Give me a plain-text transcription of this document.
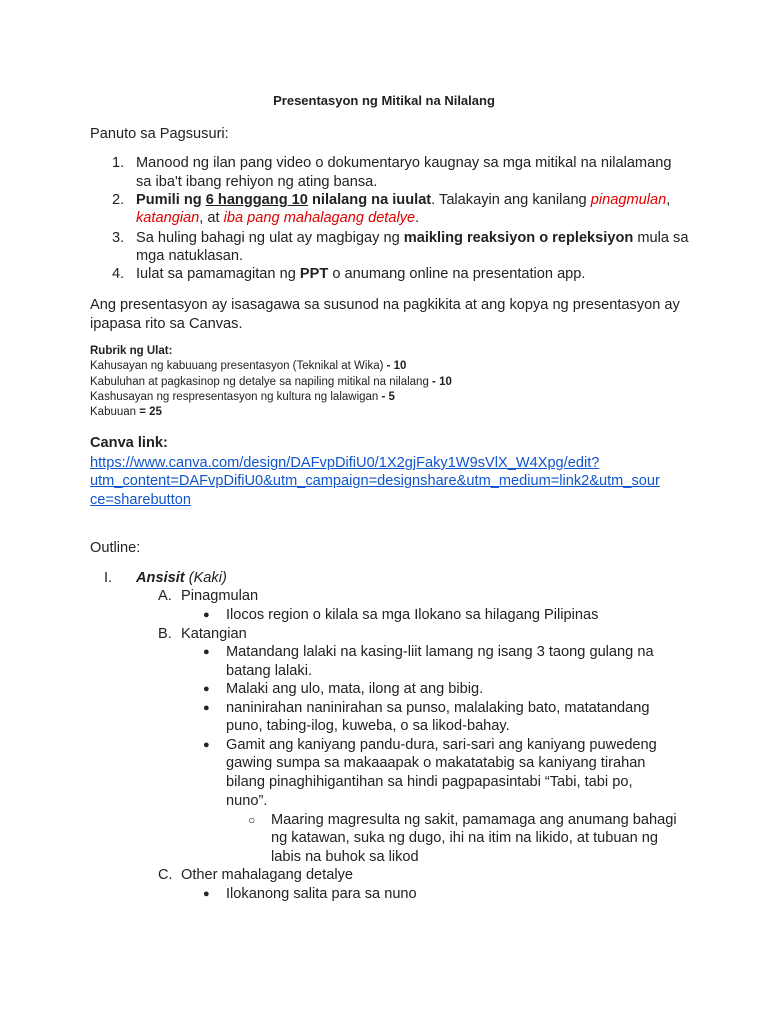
Presentasyon ng Mitikal na Nilalang
Panuto sa Pagsusuri:
1. Manood ng ilan pang video o dokumentaryo kaugnay sa mga mitikal na nilalamang
sa iba't ibang rehiyon ng ating bansa.
2. Pumili ng 6 hanggang 10 nilalang na iuulat. Talakayin ang kanilang pinagmulan,
katangian, at iba pang mahalagang detalye.
3. Sa huling bahagi ng ulat ay magbigay ng maikling reaksiyon o repleksiyon mula sa
mga natuklasan.
4. Iulat sa pamamagitan ng PPT o anumang online na presentation app.
Ang presentasyon ay isasagawa sa susunod na pagkikita at ang kopya ng presentasyon ay
ipapasa rito sa Canvas.
Rubrik ng Ulat:
Kahusayan ng kabuuang presentasyon (Teknikal at Wika) - 10
Kabuluhan at pagkasinop ng detalye sa napiling mitikal na nilalang - 10
Kashusayan ng respresentasyon ng kultura ng lalawigan - 5
Kabuuan = 25
Canva link:
https://www.canva.com/design/DAFvpDifiU0/1X2gjFaky1W9sVlX_W4Xpg/edit?
utm_content=DAFvpDifiU0&utm_campaign=designshare&utm_medium=link2&utm_sour
ce=sharebutton
Outline:
I. Ansisit (Kaki)
A. Pinagmulan
● Ilocos region o kilala sa mga Ilokano sa hilagang Pilipinas
B. Katangian
● Matandang lalaki na kasing-liit lamang ng isang 3 taong gulang na
batang lalaki.
● Malaki ang ulo, mata, ilong at ang bibig.
● naninirahan naninirahan sa punso, malalaking bato, matatandang
puno, tabing-ilog, kuweba, o sa likod-bahay.
● Gamit ang kaniyang pandu-dura, sari-sari ang kaniyang puwedeng
gawing sumpa sa makaaapak o makatatabig sa kaniyang tirahan
bilang pinaghihigantihan sa hindi pagpapasintabi “Tabi, tabi po,
nuno”.
○ Maaring magresulta ng sakit, pamamaga ang anumang bahagi
ng katawan, suka ng dugo, ihi na itim na likido, at tubuan ng
labis na buhok sa likod
C. Other mahalagang detalye
● Ilokanong salita para sa nuno
